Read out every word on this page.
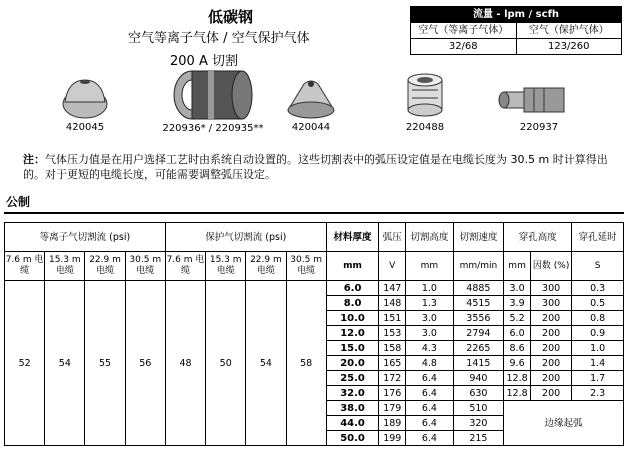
低碳钢
空气等离子气体 / 空气保护气体
200 A 切割
流量 - lpm / scfh
空气（等离子气体）	空气（保护气体）
32/68	123/260
420045	220936* / 220935**	420044	220488	220937
注：气体压力值是在用户选择工艺时由系统自动设置的。这些切割表中的弧压设定值是在电缆长度为 30.5 m 时计算得出的。对于更短的电缆长度，可能需要调整弧压设定。
公制
等离子气切割流 (psi)				保护气切割流 (psi)				材料厚度	弧压	切割高度	切割速度	穿孔高度		穿孔延时
7.6 m 电缆	15.3 m 电缆	22.9 m 电缆	30.5 m 电缆	7.6 m 电缆	15.3 m 电缆	22.9 m 电缆	30.5 m 电缆	mm	V	mm	mm/min	mm	因数 (%)	S
52	54	55	56	48	50	54	58	6.0	147	1.0	4885	3.0	300	0.3
								8.0	148	1.3	4515	3.9	300	0.5
								10.0	151	3.0	3556	5.2	200	0.8
								12.0	153	3.0	2794	6.0	200	0.9
								15.0	158	4.3	2265	8.6	200	1.0
								20.0	165	4.8	1415	9.6	200	1.4
								25.0	172	6.4	940	12.8	200	1.7
								32.0	176	6.4	630	12.8	200	2.3
								38.0	179	6.4	510	边缘起弧		
								44.0	189	6.4	320			
								50.0	199	6.4	215			
